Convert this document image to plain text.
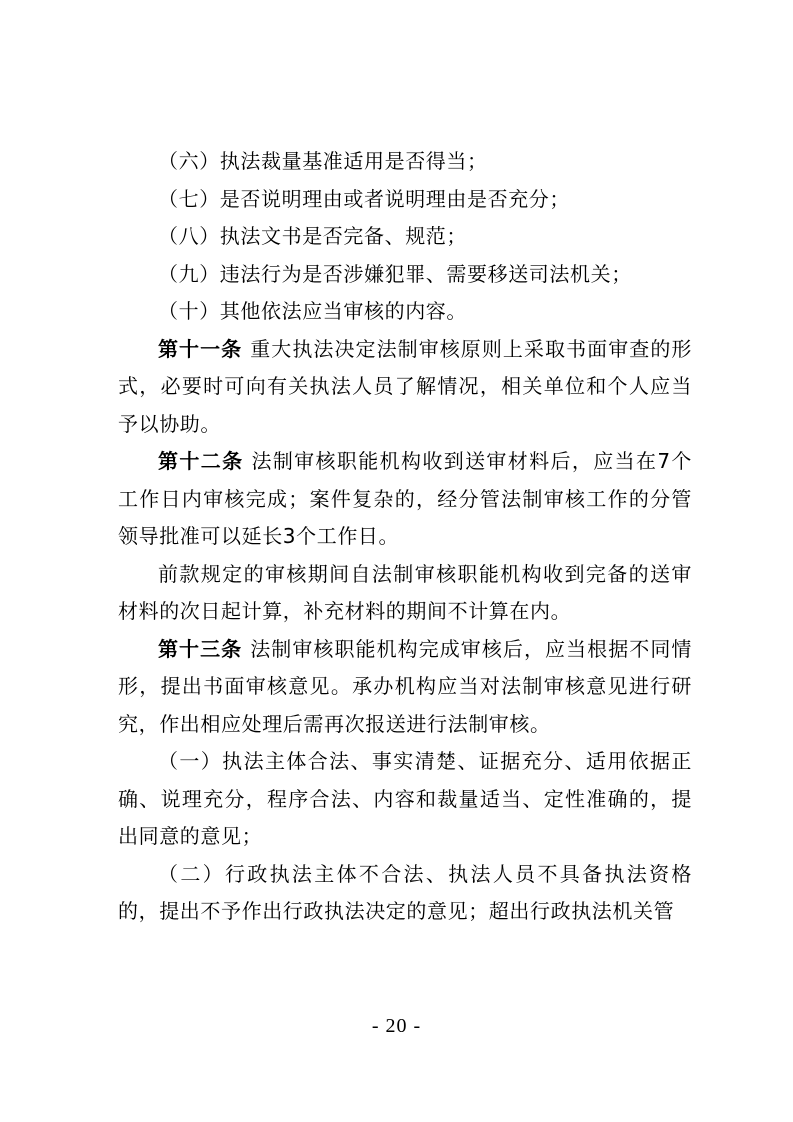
（六）执法裁量基准适用是否得当；

（七）是否说明理由或者说明理由是否充分；

（八）执法文书是否完备、规范；

（九）违法行为是否涉嫌犯罪、需要移送司法机关；

（十）其他依法应当审核的内容。

第十一条 重大执法决定法制审核原则上采取书面审查的形式，必要时可向有关执法人员了解情况，相关单位和个人应当予以协助。

第十二条 法制审核职能机构收到送审材料后，应当在7个工作日内审核完成；案件复杂的，经分管法制审核工作的分管领导批准可以延长3个工作日。

前款规定的审核期间自法制审核职能机构收到完备的送审材料的次日起计算，补充材料的期间不计算在内。

第十三条 法制审核职能机构完成审核后，应当根据不同情形，提出书面审核意见。承办机构应当对法制审核意见进行研究，作出相应处理后需再次报送进行法制审核。

（一）执法主体合法、事实清楚、证据充分、适用依据正确、说理充分，程序合法、内容和裁量适当、定性准确的，提出同意的意见；

（二）行政执法主体不合法、执法人员不具备执法资格的，提出不予作出行政执法决定的意见；超出行政执法机关管

- 20 -
